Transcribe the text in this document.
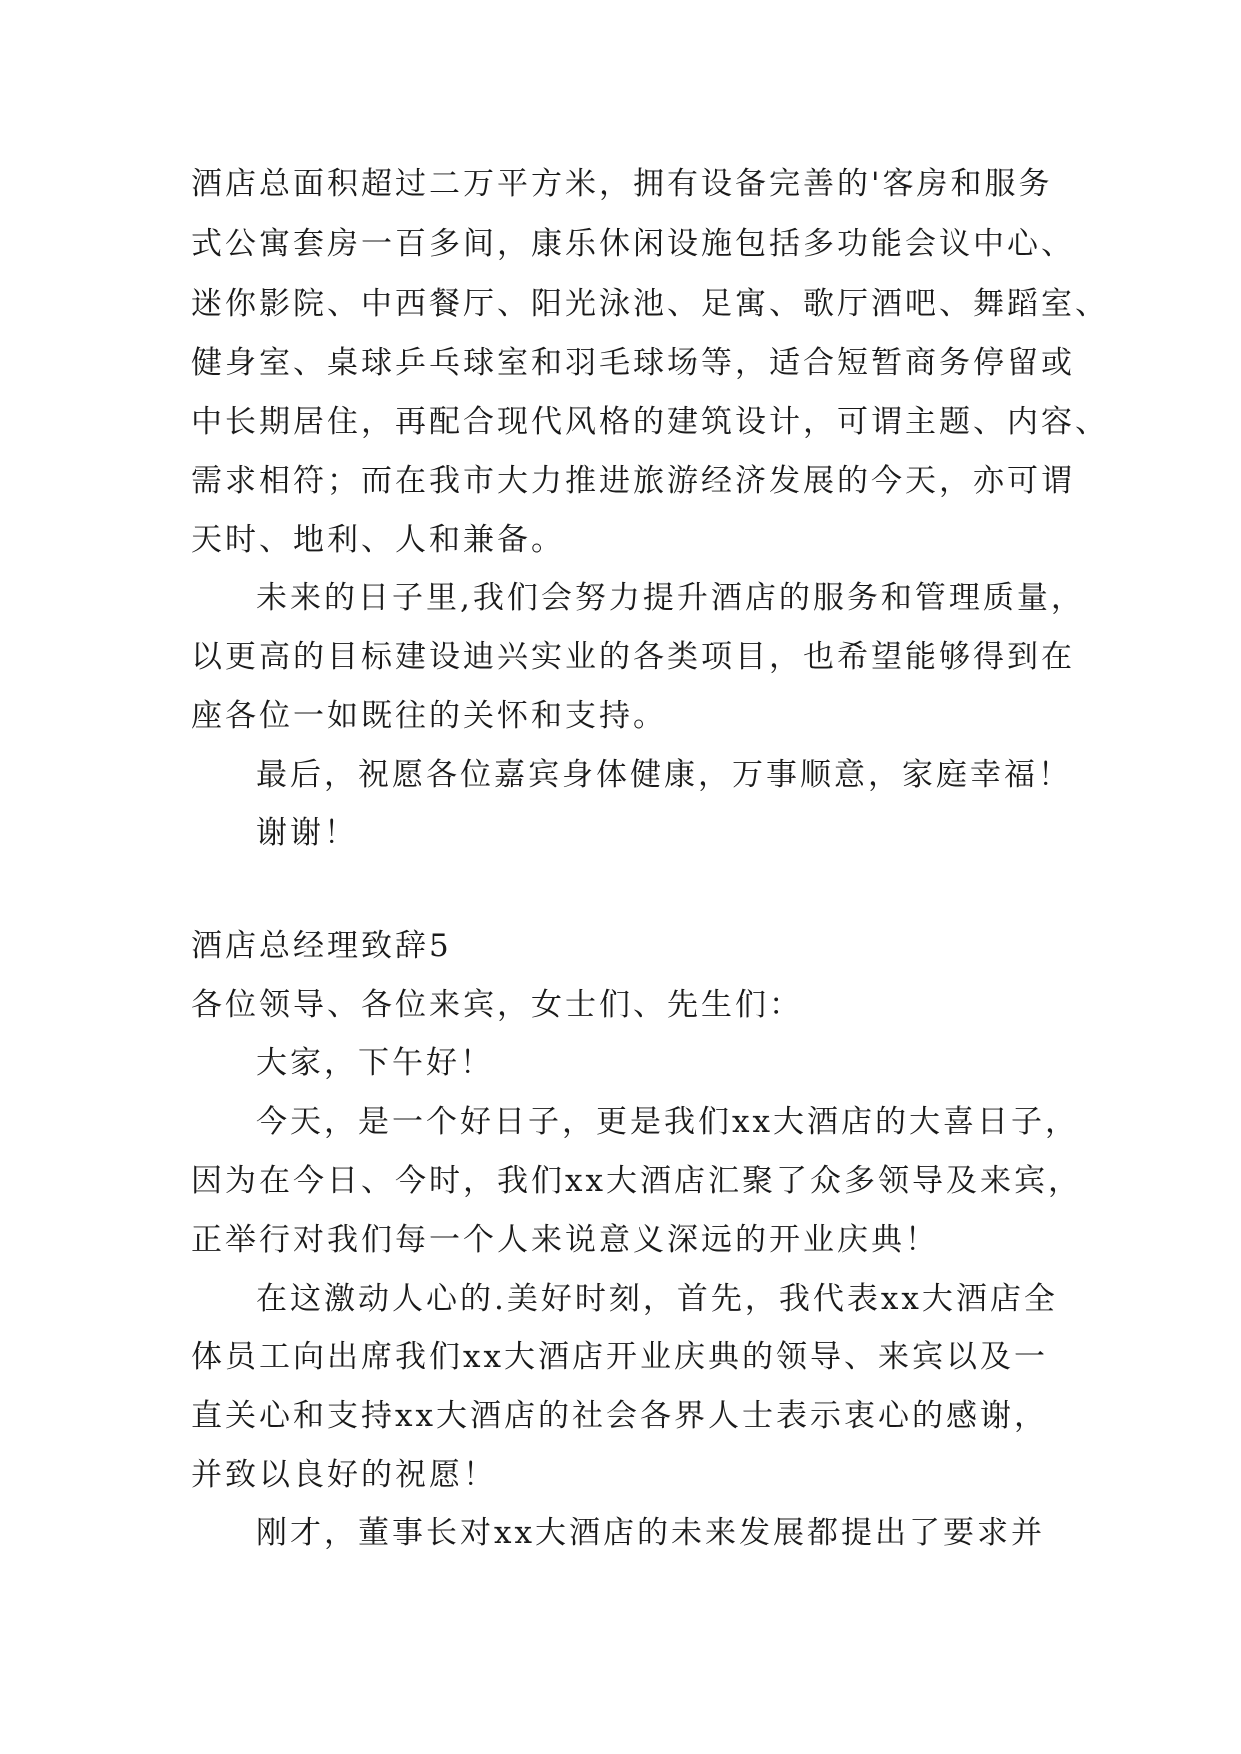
酒店总面积超过二万平方米，拥有设备完善的'客房和服务
式公寓套房一百多间，康乐休闲设施包括多功能会议中心、
迷你影院、中西餐厅、阳光泳池、足寓、歌厅酒吧、舞蹈室、
健身室、桌球乒乓球室和羽毛球场等，适合短暂商务停留或
中长期居住，再配合现代风格的建筑设计，可谓主题、内容、
需求相符；而在我市大力推进旅游经济发展的今天，亦可谓
天时、地利、人和兼备。
未来的日子里,我们会努力提升酒店的服务和管理质量，
以更高的目标建设迪兴实业的各类项目，也希望能够得到在
座各位一如既往的关怀和支持。
最后，祝愿各位嘉宾身体健康，万事顺意，家庭幸福！
谢谢！
酒店总经理致辞5
各位领导、各位来宾，女士们、先生们：
大家，下午好！
今天，是一个好日子，更是我们xx大酒店的大喜日子，
因为在今日、今时，我们xx大酒店汇聚了众多领导及来宾，
正举行对我们每一个人来说意义深远的开业庆典！
在这激动人心的.美好时刻，首先，我代表xx大酒店全
体员工向出席我们xx大酒店开业庆典的领导、来宾以及一
直关心和支持xx大酒店的社会各界人士表示衷心的感谢，
并致以良好的祝愿！
刚才，董事长对xx大酒店的未来发展都提出了要求并
